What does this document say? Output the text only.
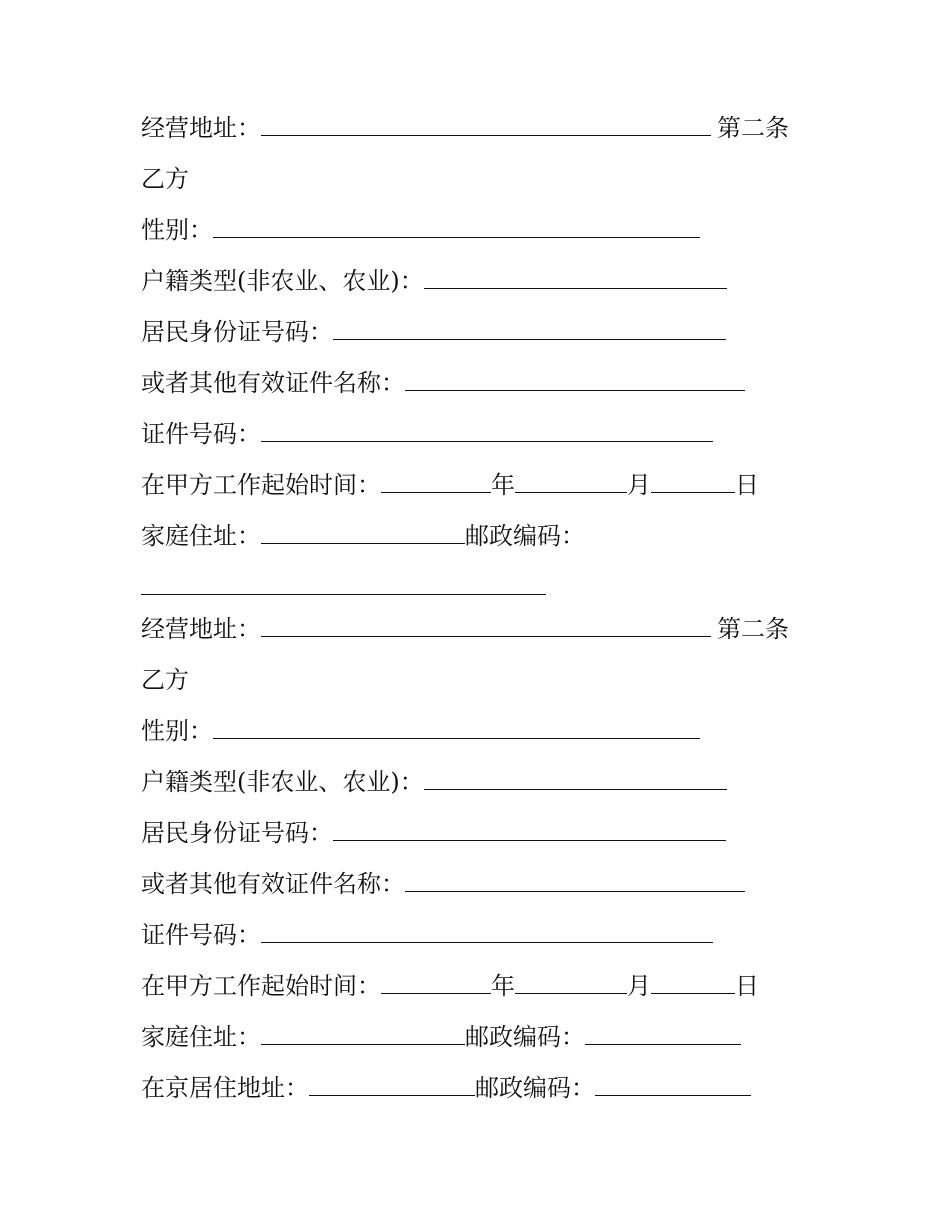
经营地址：	第二条
乙方
性别：
户籍类型(非农业、农业)：
居民身份证号码：
或者其他有效证件名称：
证件号码：
在甲方工作起始时间：	年	月	日
家庭住址：	邮政编码：
经营地址：	第二条
乙方
性别：
户籍类型(非农业、农业)：
居民身份证号码：
或者其他有效证件名称：
证件号码：
在甲方工作起始时间：	年	月	日
家庭住址：	邮政编码：
在京居住地址：	邮政编码：
